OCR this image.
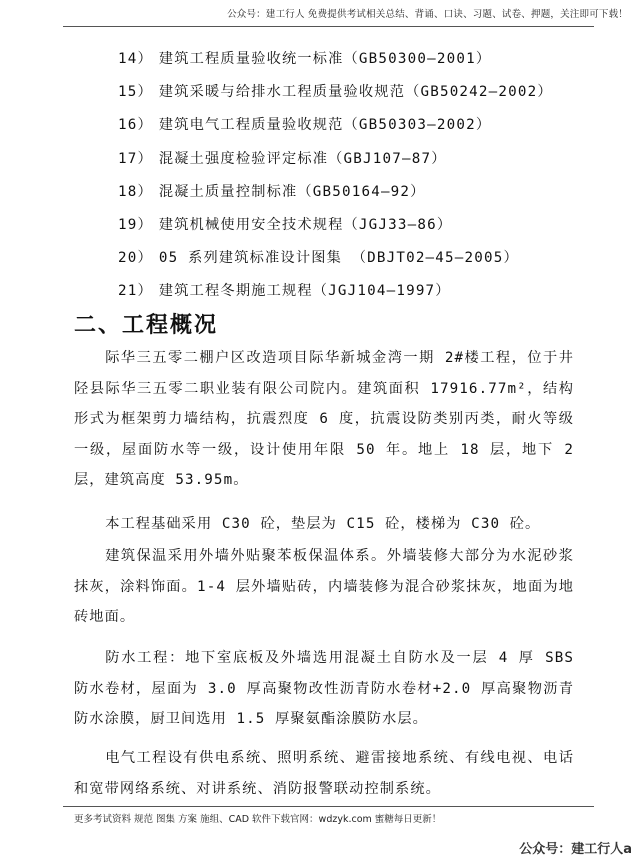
公众号：建工行人 免费提供考试相关总结、背诵、口诀、习题、试卷、押题，关注即可下载！
14） 建筑工程质量验收统一标准（GB50300—2001）
15） 建筑采暖与给排水工程质量验收规范（GB50242—2002）
16） 建筑电气工程质量验收规范（GB50303—2002）
17） 混凝土强度检验评定标准（GBJ107—87）
18） 混凝土质量控制标准（GB50164—92）
19） 建筑机械使用安全技术规程（JGJ33—86）
20） 05 系列建筑标准设计图集 （DBJT02—45—2005）
21） 建筑工程冬期施工规程（JGJ104—1997）
二、工程概况

际华三五零二棚户区改造项目际华新城金湾一期 2#楼工程，位于井陉县际华三五零二职业装有限公司院内。建筑面积 17916.77m²，结构形式为框架剪力墙结构，抗震烈度 6 度，抗震设防类别丙类，耐火等级一级，屋面防水等一级，设计使用年限 50 年。地上 18 层，地下 2 层，建筑高度 53.95m。

本工程基础采用 C30 砼，垫层为 C15 砼，楼梯为 C30 砼。

建筑保温采用外墙外贴聚苯板保温体系。外墙装修大部分为水泥砂浆抹灰，涂料饰面。1-4 层外墙贴砖，内墙装修为混合砂浆抹灰，地面为地砖地面。

防水工程：地下室底板及外墙选用混凝土自防水及一层 4 厚 SBS 防水卷材，屋面为 3.0 厚高聚物改性沥青防水卷材+2.0 厚高聚物沥青防水涂膜，厨卫间选用 1.5 厚聚氨酯涂膜防水层。

电气工程设有供电系统、照明系统、避雷接地系统、有线电视、电话和宽带网络系统、对讲系统、消防报警联动控制系统。

更多考试资料 规范 图集 方案 施组、CAD 软件下载官网：wdzyk.com 蜜糖每日更新！
公众号：建工行人a
